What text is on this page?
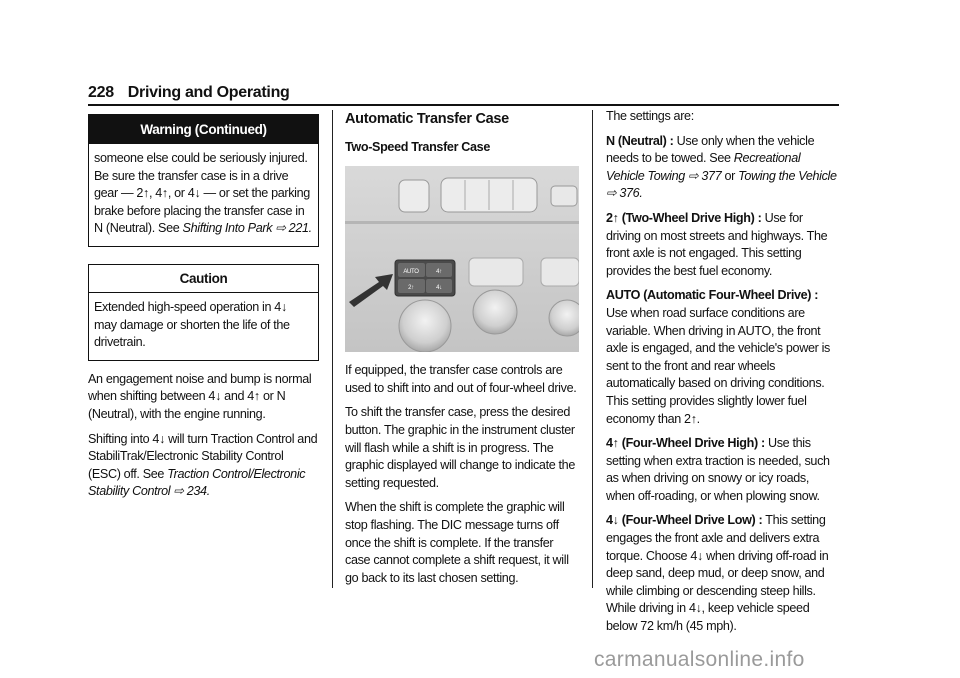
228 Driving and Operating
Warning (Continued)
someone else could be seriously injured. Be sure the transfer case is in a drive gear — 2↑, 4↑, or 4↓ — or set the parking brake before placing the transfer case in N (Neutral). See Shifting Into Park ⇨ 221.
Caution
Extended high-speed operation in 4↓ may damage or shorten the life of the drivetrain.

An engagement noise and bump is normal when shifting between 4↓ and 4↑ or N (Neutral), with the engine running.

Shifting into 4↓ will turn Traction Control and StabiliTrak/Electronic Stability Control (ESC) off. See Traction Control/Electronic Stability Control ⇨ 234.

Automatic Transfer Case
Two-Speed Transfer Case
AUTO	4↑
2↑	4↓

If equipped, the transfer case controls are used to shift into and out of four-wheel drive.

To shift the transfer case, press the desired button. The graphic in the instrument cluster will flash while a shift is in progress. The graphic displayed will change to indicate the setting requested.

When the shift is complete the graphic will stop flashing. The DIC message turns off once the shift is complete. If the transfer case cannot complete a shift request, it will go back to its last chosen setting.

The settings are:

N (Neutral) : Use only when the vehicle needs to be towed. See Recreational Vehicle Towing ⇨ 377 or Towing the Vehicle ⇨ 376.

2↑ (Two-Wheel Drive High) : Use for driving on most streets and highways. The front axle is not engaged. This setting provides the best fuel economy.

AUTO (Automatic Four-Wheel Drive) : Use when road surface conditions are variable. When driving in AUTO, the front axle is engaged, and the vehicle's power is sent to the front and rear wheels automatically based on driving conditions. This setting provides slightly lower fuel economy than 2↑.

4↑ (Four-Wheel Drive High) : Use this setting when extra traction is needed, such as when driving on snowy or icy roads, when off-roading, or when plowing snow.

4↓ (Four-Wheel Drive Low) : This setting engages the front axle and delivers extra torque. Choose 4↓ when driving off-road in deep sand, deep mud, or deep snow, and while climbing or descending steep hills. While driving in 4↓, keep vehicle speed below 72 km/h (45 mph).

carmanualsonline.info
